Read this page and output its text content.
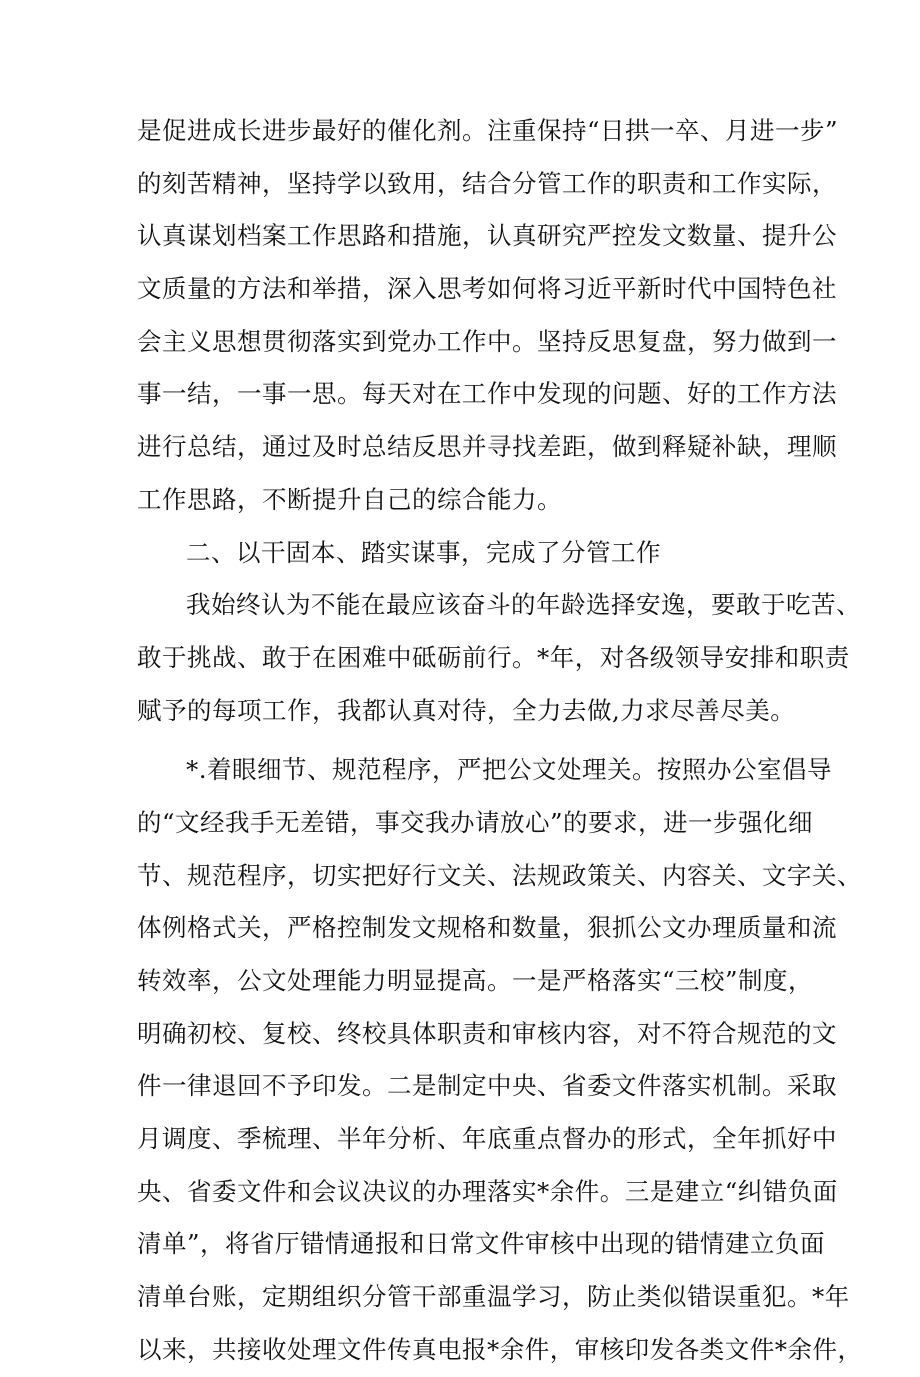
是促进成长进步最好的催化剂。注重保持“日拱一卒、月进一步”
的刻苦精神，坚持学以致用，结合分管工作的职责和工作实际，
认真谋划档案工作思路和措施，认真研究严控发文数量、提升公
文质量的方法和举措，深入思考如何将习近平新时代中国特色社
会主义思想贯彻落实到党办工作中。坚持反思复盘，努力做到一
事一结，一事一思。每天对在工作中发现的问题、好的工作方法
进行总结，通过及时总结反思并寻找差距，做到释疑补缺，理顺
工作思路，不断提升自己的综合能力。
二、以干固本、踏实谋事，完成了分管工作
我始终认为不能在最应该奋斗的年龄选择安逸，要敢于吃苦、
敢于挑战、敢于在困难中砥砺前行。*年，对各级领导安排和职责
赋予的每项工作，我都认真对待，全力去做,力求尽善尽美。
*.着眼细节、规范程序，严把公文处理关。按照办公室倡导
的“文经我手无差错，事交我办请放心”的要求，进一步强化细
节、规范程序，切实把好行文关、法规政策关、内容关、文字关、
体例格式关，严格控制发文规格和数量，狠抓公文办理质量和流
转效率，公文处理能力明显提高。一是严格落实“三校”制度，
明确初校、复校、终校具体职责和审核内容，对不符合规范的文
件一律退回不予印发。二是制定中央、省委文件落实机制。采取
月调度、季梳理、半年分析、年底重点督办的形式，全年抓好中
央、省委文件和会议决议的办理落实*余件。三是建立“纠错负面
清单”，将省厅错情通报和日常文件审核中出现的错情建立负面
清单台账，定期组织分管干部重温学习，防止类似错误重犯。*年
以来，共接收处理文件传真电报*余件，审核印发各类文件*余件，
